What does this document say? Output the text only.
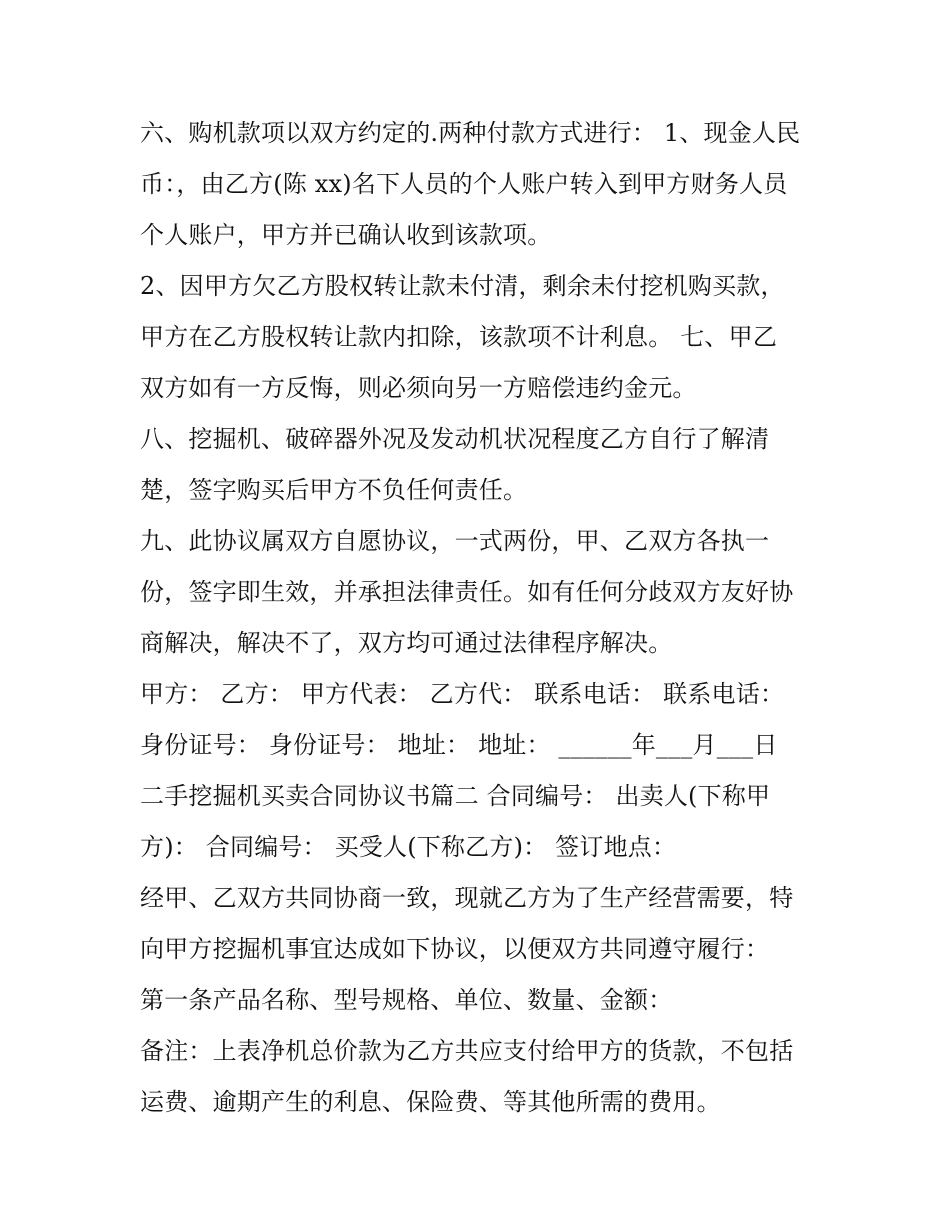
六、购机款项以双方约定的.两种付款方式进行： 1、现金人民
币：，由乙方(陈 xx)名下人员的个人账户转入到甲方财务人员
个人账户，甲方并已确认收到该款项。
2、因甲方欠乙方股权转让款未付清，剩余未付挖机购买款，
甲方在乙方股权转让款内扣除，该款项不计利息。 七、甲乙
双方如有一方反悔，则必须向另一方赔偿违约金元。
八、挖掘机、破碎器外况及发动机状况程度乙方自行了解清
楚，签字购买后甲方不负任何责任。
九、此协议属双方自愿协议，一式两份，甲、乙双方各执一
份，签字即生效，并承担法律责任。如有任何分歧双方友好协
商解决，解决不了，双方均可通过法律程序解决。
甲方： 乙方： 甲方代表： 乙方代： 联系电话： 联系电话：
身份证号： 身份证号： 地址： 地址： ______年___月___日
二手挖掘机买卖合同协议书篇二 合同编号： 出卖人(下称甲
方)： 合同编号： 买受人(下称乙方)： 签订地点：
经甲、乙双方共同协商一致，现就乙方为了生产经营需要，特
向甲方挖掘机事宜达成如下协议，以便双方共同遵守履行：
第一条产品名称、型号规格、单位、数量、金额：
备注：上表净机总价款为乙方共应支付给甲方的货款，不包括
运费、逾期产生的利息、保险费、等其他所需的费用。
